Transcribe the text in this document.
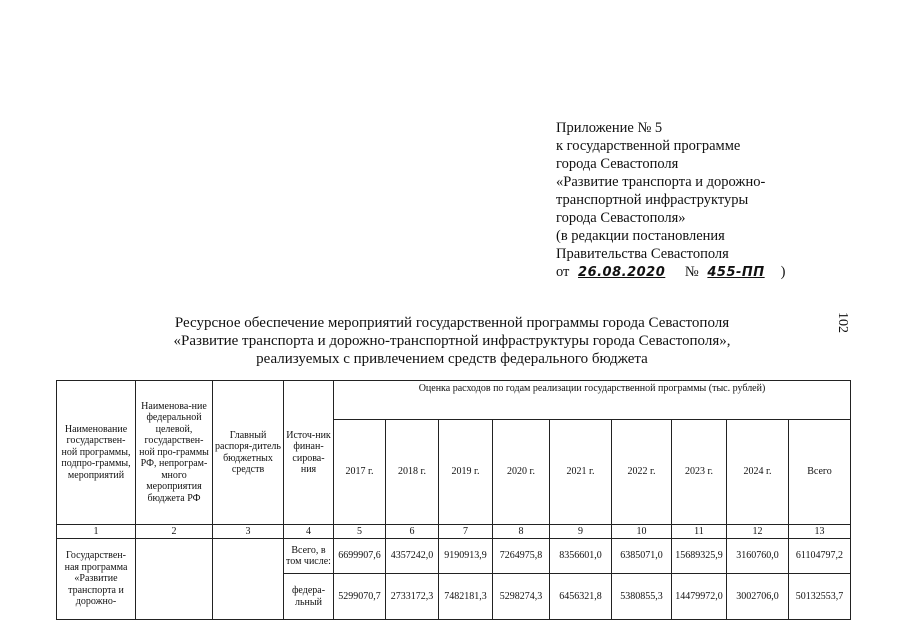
Приложение № 5
к государственной программе
города Севастополя
«Развитие транспорта и дорожно-
транспортной инфраструктуры
города Севастополя»
(в редакции постановления
Правительства Севастополя
от 26.08.2020 № 455-ПП )
102
Ресурсное обеспечение мероприятий государственной программы города Севастополя
«Развитие транспорта и дорожно-транспортной инфраструктуры города Севастополя»,
реализуемых с привлечением средств федерального бюджета
Наименование государствен-ной программы, подпро-граммы, мероприятий	Наименова-ние федеральной целевой, государствен-ной про-граммы РФ, непрограм-много мероприятия бюджета РФ	Главный распоря-дитель бюджетных средств	Источ-ник финан-сирова-ния	Оценка расходов по годам реализации государственной программы (тыс. рублей)								
				2017 г.	2018 г.	2019 г.	2020 г.	2021 г.	2022 г.	2023 г.	2024 г.	Всего
1	2	3	4	5	6	7	8	9	10	11	12	13
Государствен-ная программа «Развитие транспорта и дорожно-			Всего, в том числе:	6699907,6	4357242,0	9190913,9	7264975,8	8356601,0	6385071,0	15689325,9	3160760,0	61104797,2
			федера-льный	5299070,7	2733172,3	7482181,3	5298274,3	6456321,8	5380855,3	14479972,0	3002706,0	50132553,7
